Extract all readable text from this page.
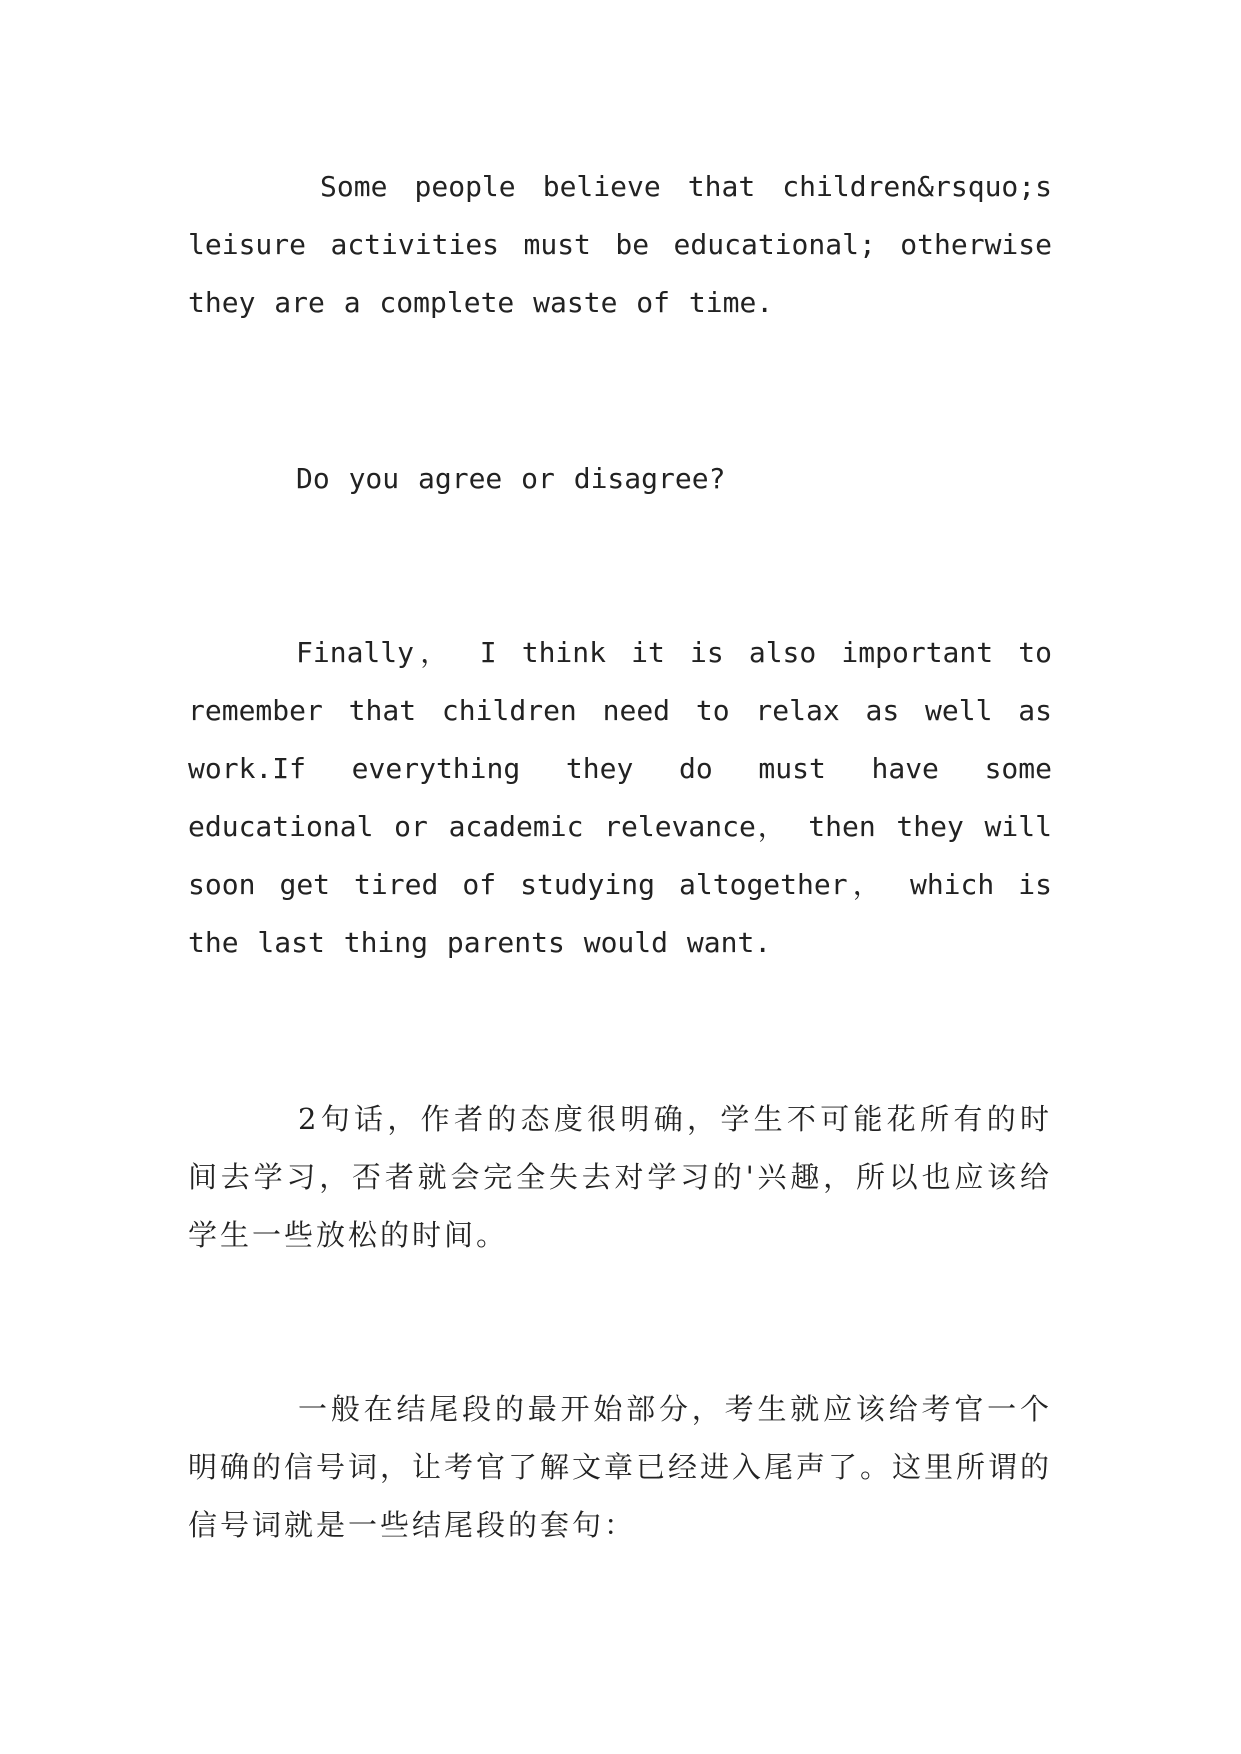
Some people believe that children&rsquo;s leisure activities must be educational; otherwise they are a complete waste of time.

Do you agree or disagree?

Finally， I think it is also important to remember that children need to relax as well as work.If everything they do must have some educational or academic relevance， then they will soon get tired of studying altogether， which is the last thing parents would want.

2句话，作者的态度很明确，学生不可能花所有的时间去学习，否者就会完全失去对学习的'兴趣，所以也应该给学生一些放松的时间。

一般在结尾段的最开始部分，考生就应该给考官一个明确的信号词，让考官了解文章已经进入尾声了。这里所谓的信号词就是一些结尾段的套句：
